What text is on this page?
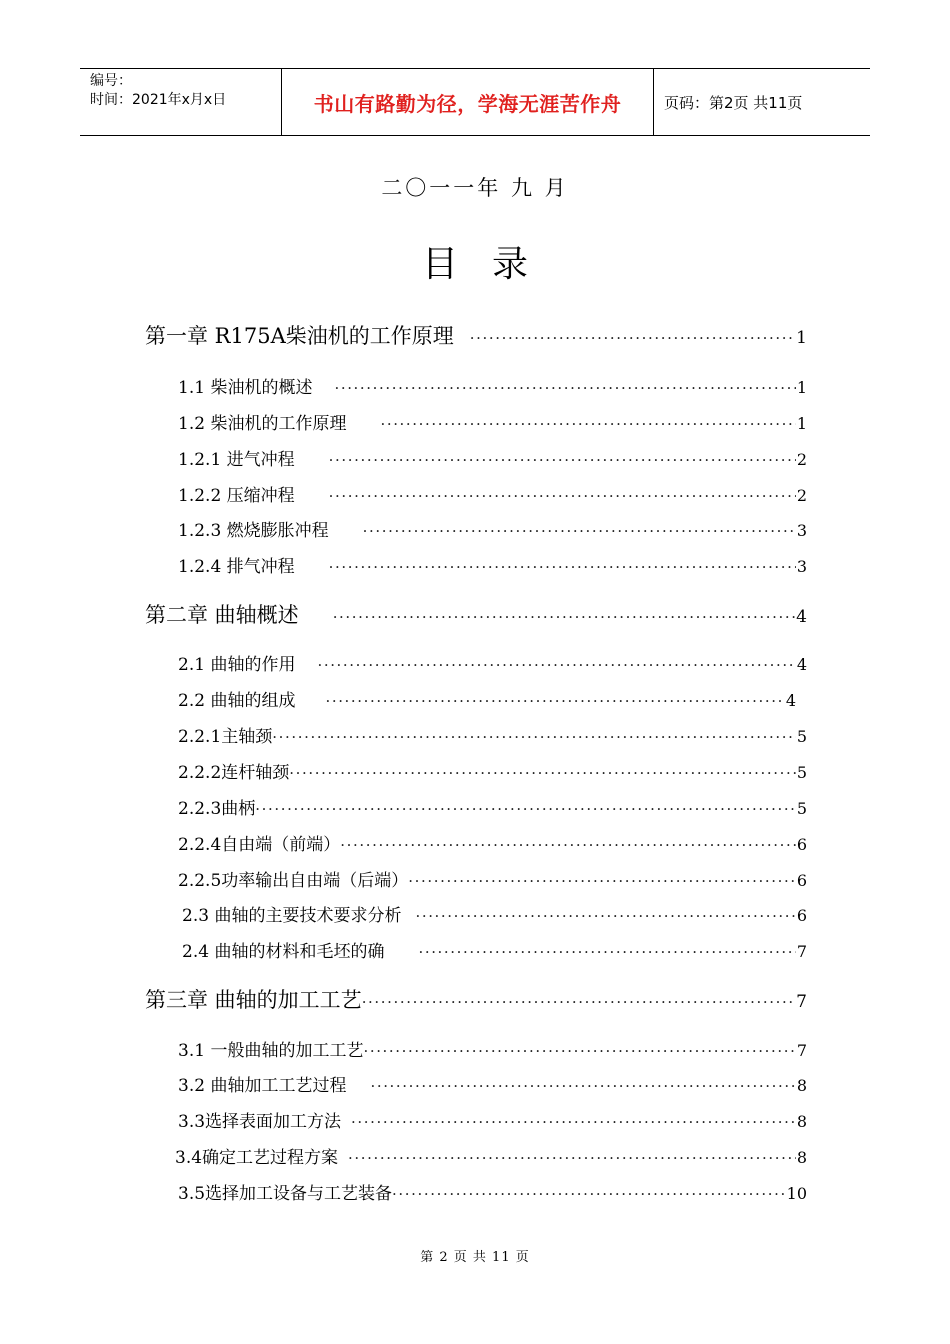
编号：
时间：2021年x月x日	书山有路勤为径，学海无涯苦作舟	页码：第2页 共11页
二〇一一年 九 月
目录
第一章 R175A柴油机的工作原理 ·····	1
1.1 柴油机的概述 ·····	1
1.2 柴油机的工作原理 ·····	1
1.2.1 进气冲程 ·····	2
1.2.2 压缩冲程 ·····	2
1.2.3 燃烧膨胀冲程 ·····	3
1.2.4 排气冲程 ·····	3
第二章 曲轴概述 ·····	4
2.1 曲轴的作用 ·····	4
2.2 曲轴的组成 ·····	4
2.2.1主轴颈 ·····	5
2.2.2连杆轴颈 ·····	5
2.2.3曲柄 ·····	5
2.2.4自由端（前端） ·····	6
2.2.5功率输出自由端（后端） ·····	6
2.3 曲轴的主要技术要求分析 ·····	6
2.4 曲轴的材料和毛坯的确 ·····	7
第三章 曲轴的加工工艺 ·····	7
3.1 一般曲轴的加工工艺 ·····	7
3.2 曲轴加工工艺过程 ·····	8
3.3选择表面加工方法 ·····	8
3.4确定工艺过程方案 ·····	8
3.5选择加工设备与工艺装备 ·····	10
第 2 页 共 11 页
